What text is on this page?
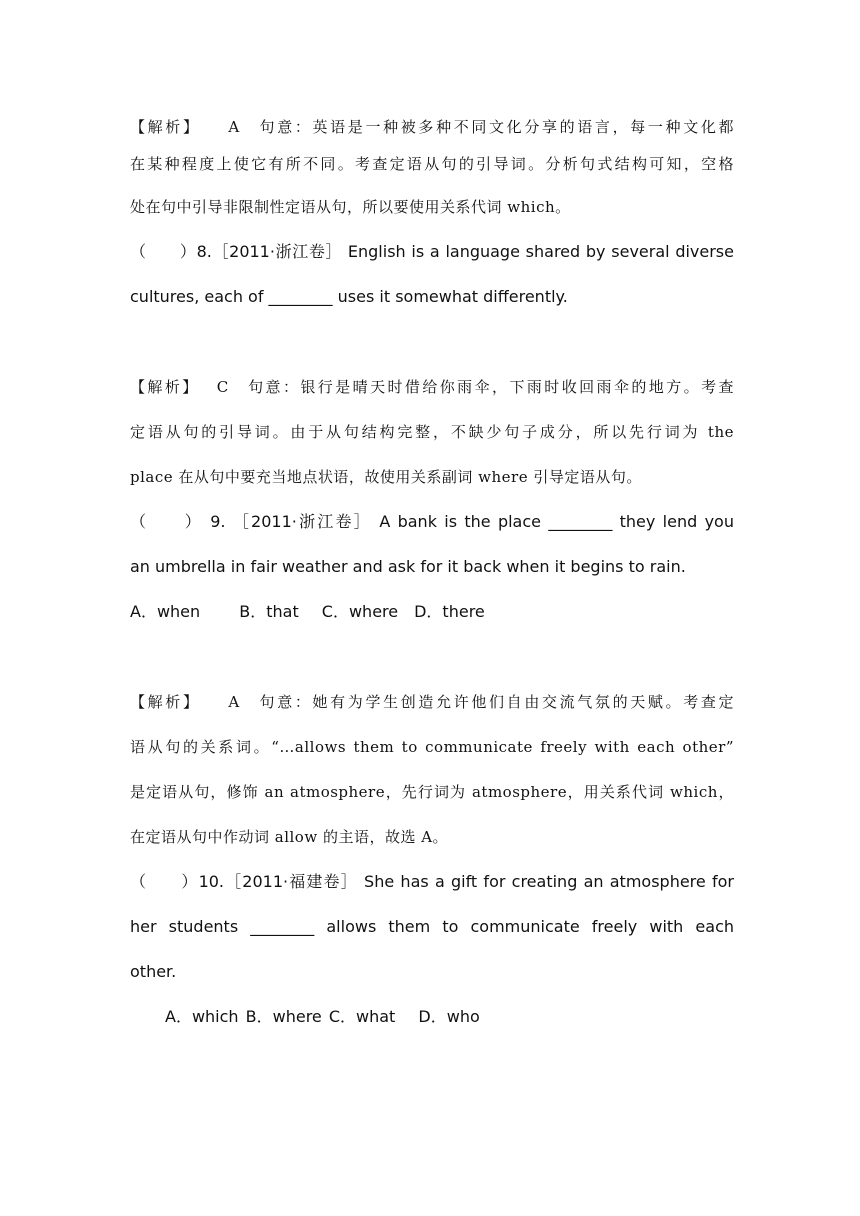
【解析】　　A　句意：英语是一种被多种不同文化分享的语言，每一种文化都
在某种程度上使它有所不同。考查定语从句的引导词。分析句式结构可知，空格
处在句中引导非限制性定语从句，所以要使用关系代词 which。
（　　）8.［2011·浙江卷］ English is a language shared by several diverse
cultures, each of ________ uses it somewhat differently.
【解析】　 C　句意：银行是晴天时借给你雨伞，下雨时收回雨伞的地方。考查
定语从句的引导词。由于从句结构完整，不缺少句子成分，所以先行词为 the
place 在从句中要充当地点状语，故使用关系副词 where 引导定语从句。
（　　） 9. ［2011·浙江卷］ A bank is the place ________ they lend you
an umbrella in fair weather and ask for it back when it begins to rain.
A．when　　 B．that　 C．where　D．there
【解析】　　A　句意：她有为学生创造允许他们自由交流气氛的天赋。考查定
语从句的关系词。“…allows them to communicate freely with each other”
是定语从句，修饰 an atmosphere，先行词为 atmosphere，用关系代词 which，
在定语从句中作动词 allow 的主语，故选 A。
（　　）10.［2011·福建卷］ She has a gift for creating an atmosphere for
her students ________ allows them to communicate freely with each
other.
A．which B．where C．what　 D．who
